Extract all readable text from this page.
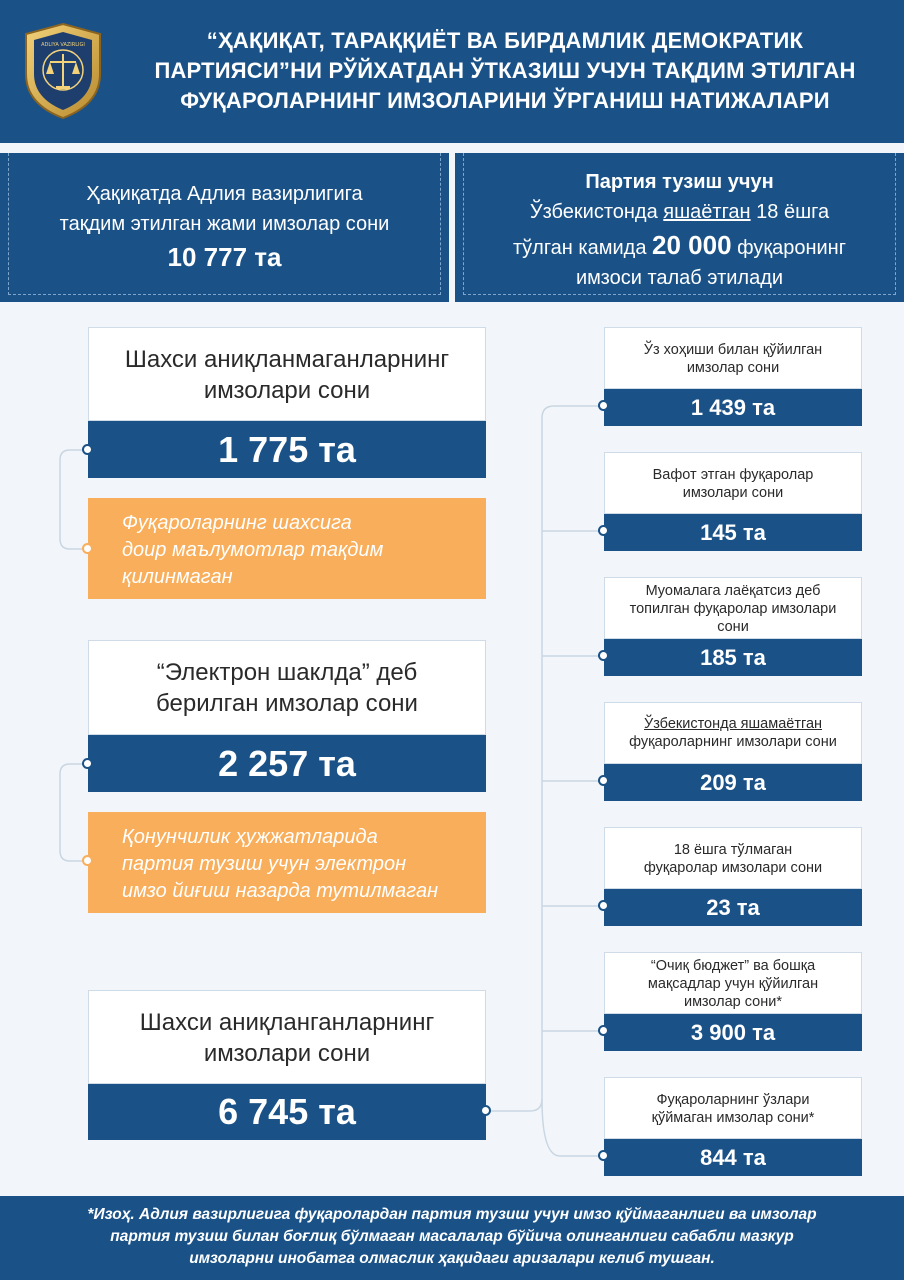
ADLIYA VAZIRLIGI	“ҲАҚИҚАТ, ТАРАҚҚИЁТ ВА БИРДАМЛИК ДЕМОКРАТИК
ПАРТИЯСИ”НИ РЎЙХАТДАН ЎТКАЗИШ УЧУН ТАҚДИМ ЭТИЛГАН
ФУҚАРОЛАРНИНГ ИМЗОЛАРИНИ ЎРГАНИШ НАТИЖАЛАРИ
Ҳақиқатда Адлия вазирлигига
тақдим этилган жами имзолар сони
10 777 та
Партия тузиш учун
Ўзбекистонда яшаётган 18 ёшга
тўлган камида 20 000 фуқаронинг
имзоси талаб этилади
Шахси аниқланмаганларнинг
имзолари сони
1 775 та
Фуқароларнинг шахсига
доир маълумотлар тақдим
қилинмаган
“Электрон шаклда” деб
берилган имзолар сони
2 257 та
Қонунчилик ҳужжатларида
партия тузиш учун электрон
имзо йиғиш назарда тутилмаган
Шахси аниқланганларнинг
имзолари сони
6 745 та
Ўз хоҳиши билан қўйилган
имзолар сони
1 439 та
Вафот этган фуқаролар
имзолари сони
145 та
Муомалага лаёқатсиз деб
топилган фуқаролар имзолари
сони
185 та
Ўзбекистонда яшамаётган
фуқароларнинг имзолари сони
209 та
18 ёшга тўлмаган
фуқаролар имзолари сони
23 та
“Очиқ бюджет” ва бошқа
мақсадлар учун қўйилган
имзолар сони*
3 900 та
Фуқароларнинг ўзлари
қўймаган имзолар сони*
844 та
*Изоҳ. Адлия вазирлигига фуқаролардан партия тузиш учун имзо қўймаганлиги ва имзолар
партия тузиш билан боғлиқ бўлмаган масалалар бўйича олинганлиги сабабли мазкур
имзоларни инобатга олмаслик ҳақидаги аризалари келиб тушган.
